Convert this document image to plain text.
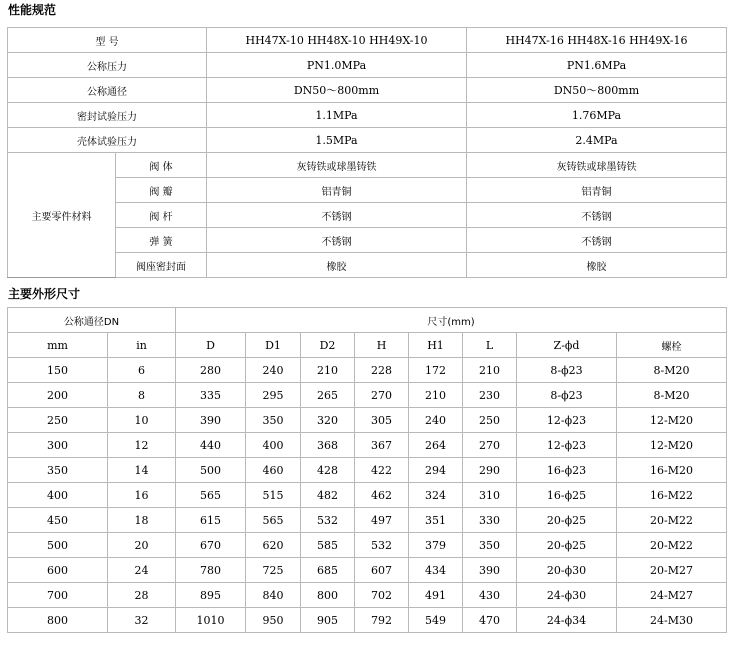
性能规范
型 号		HH47X-10 HH48X-10 HH49X-10	HH47X-16 HH48X-16 HH49X-16
公称压力		PN1.0MPa	PN1.6MPa
公称通径		DN50～800mm	DN50～800mm
密封试验压力		1.1MPa	1.76MPa
壳体试验压力		1.5MPa	2.4MPa
主要零件材料	阀 体	灰铸铁或球墨铸铁	灰铸铁或球墨铸铁
	阀 瓣	铝青铜	铝青铜
	阀 杆	不锈钢	不锈钢
	弹 簧	不锈钢	不锈钢
	阀座密封面	橡胶	橡胶
主要外形尺寸
公称通径DN		尺寸(mm)							
mm	in	D	D1	D2	H	H1	L	Z-ϕd	螺栓
150	6	280	240	210	228	172	210	8-ϕ23	8-M20
200	8	335	295	265	270	210	230	8-ϕ23	8-M20
250	10	390	350	320	305	240	250	12-ϕ23	12-M20
300	12	440	400	368	367	264	270	12-ϕ23	12-M20
350	14	500	460	428	422	294	290	16-ϕ23	16-M20
400	16	565	515	482	462	324	310	16-ϕ25	16-M22
450	18	615	565	532	497	351	330	20-ϕ25	20-M22
500	20	670	620	585	532	379	350	20-ϕ25	20-M22
600	24	780	725	685	607	434	390	20-ϕ30	20-M27
700	28	895	840	800	702	491	430	24-ϕ30	24-M27
800	32	1010	950	905	792	549	470	24-ϕ34	24-M30
